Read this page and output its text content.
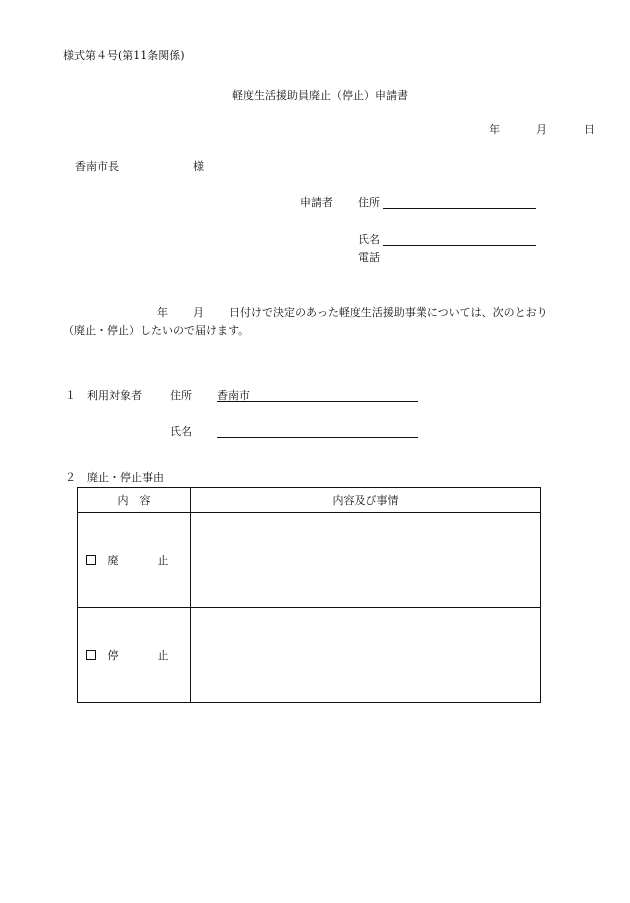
様式第４号(第11条関係)
軽度生活援助員廃止（停止）申請書
年	月	日
香南市長	様
申請者 住所
氏名
電話
年 月 日付けで決定のあった軽度生活援助事業については、次のとおり
（廃止・停止）したいので届けます。
１　利用対象者	住所 香南市
氏名
２　廃止・停止事由
内　容	内容及び事情
廃　止	
停　止	
